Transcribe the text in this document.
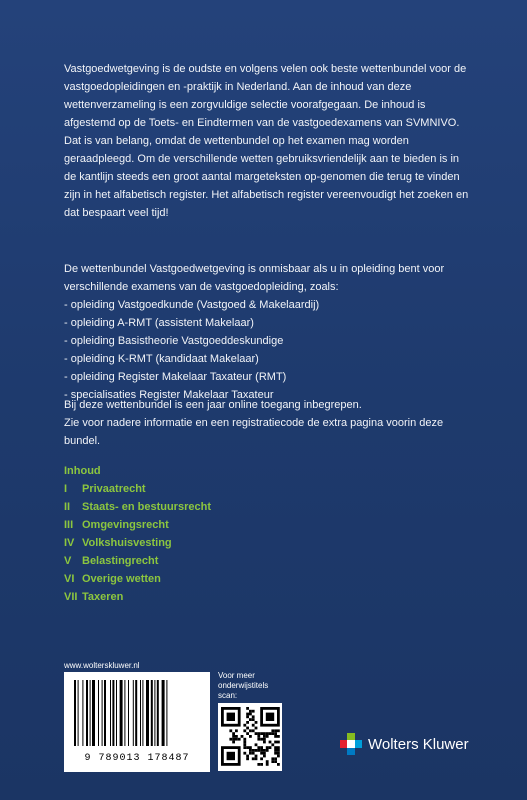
Vastgoedwetgeving is de oudste en volgens velen ook beste wettenbundel voor de vastgoedopleidingen en -praktijk in Nederland. Aan de inhoud van deze wettenverzameling is een zorgvuldige selectie voorafgegaan. De inhoud is afgestemd op de Toets- en Eindtermen van de vastgoedexamens van SVMNIVO. Dat is van belang, omdat de wettenbundel op het examen mag worden geraadpleegd. Om de verschillende wetten gebruiksvriendelijk aan te bieden is in de kantlijn steeds een groot aantal margeteksten op-genomen die terug te vinden zijn in het alfabetisch register. Het alfabetisch register vereenvoudigt het zoeken en dat bespaart veel tijd!

De wettenbundel Vastgoedwetgeving is onmisbaar als u in opleiding bent voor verschillende examens van de vastgoedopleiding, zoals:

- opleiding Vastgoedkunde (Vastgoed & Makelaardij)

- opleiding A-RMT (assistent Makelaar)

- opleiding Basistheorie Vastgoeddeskundige

- opleiding K-RMT (kandidaat Makelaar)

- opleiding Register Makelaar Taxateur (RMT)

- specialisaties Register Makelaar Taxateur

Bij deze wettenbundel is een jaar online toegang inbegrepen.

Zie voor nadere informatie en een registratiecode de extra pagina voorin deze bundel.

Inhoud
I	Privaatrecht
II	Staats- en bestuursrecht
III Omgevingsrecht
IV Volkshuisvesting
V Belastingrecht
VI Overige wetten
VII Taxeren
www.wolterskluwer.nl
9 789013 178487
Voor meer
onderwijstitels
scan:
Wolters Kluwer
